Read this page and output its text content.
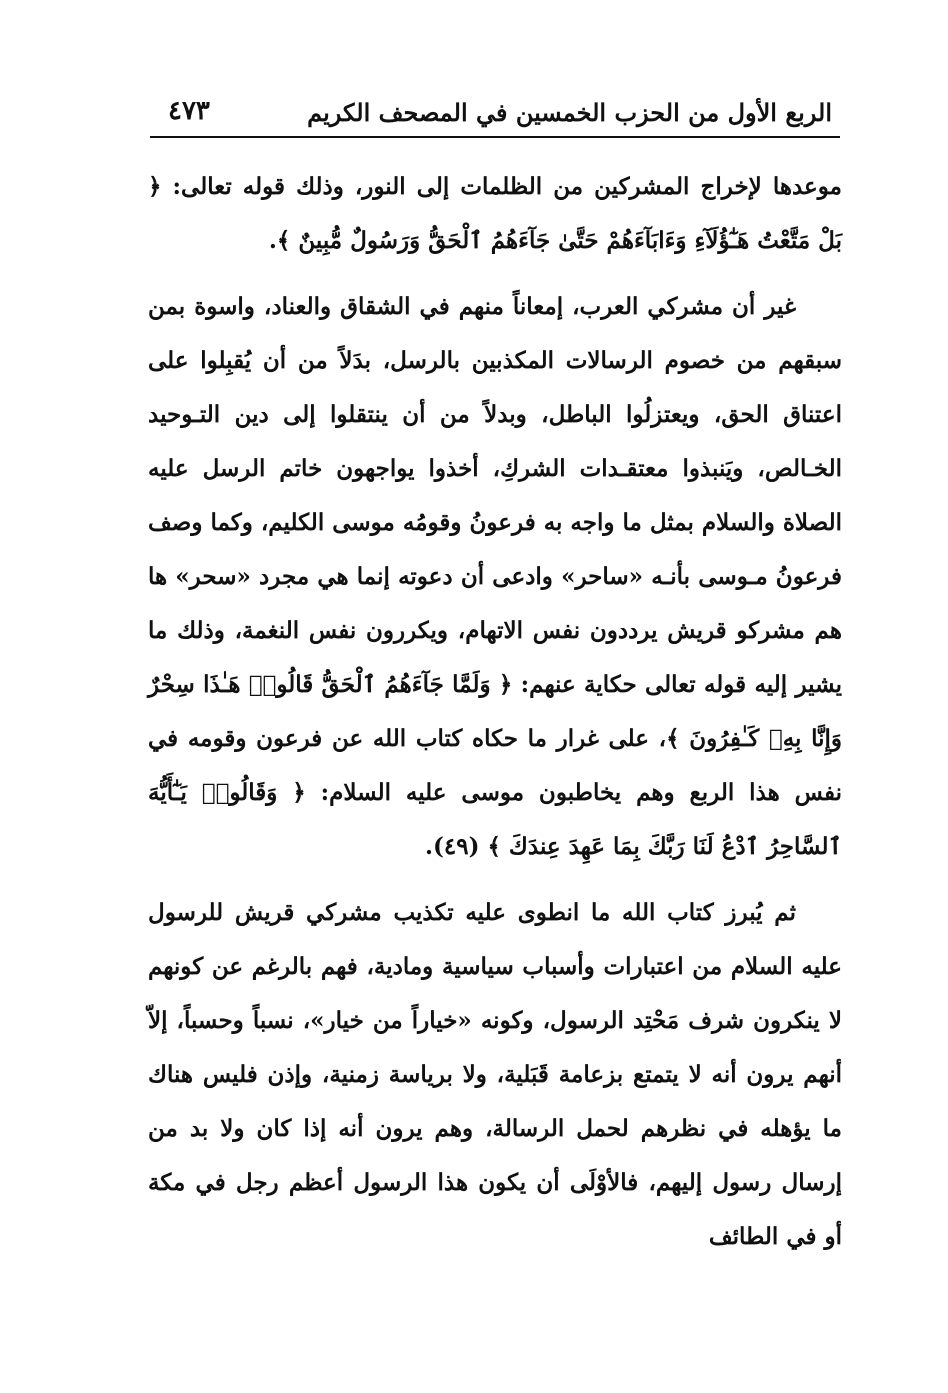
الربع الأول من الحزب الخمسين في المصحف الكريم
٤٧٣

موعدها لإخراج المشركين من الظلمات إلى النور، وذلك قوله تعالى: ﴿ بَلْ مَتَّعْتُ هَـٰٓؤُلَآءِ وَءَابَآءَهُمْ حَتَّىٰ جَآءَهُمُ ٱلْحَقُّ وَرَسُولٌ مُّبِينٌ ﴾.

غير أن مشركي العرب، إمعاناً منهم في الشقاق والعناد، واسوة بمن سبقهم من خصوم الرسالات المكذبين بالرسل، بدَلاً من أن يُقبِلوا على اعتناق الحق، ويعتزلُوا الباطل، وبدلاً من أن ينتقلوا إلى دين التـوحيد الخـالص، ويَنبذوا معتقـدات الشركِ، أخذوا يواجهون خاتم الرسل عليه الصلاة والسلام بمثل ما واجه به فرعونُ وقومُه موسى الكليم، وكما وصف فرعونُ مـوسى بأنـه «ساحر» وادعى أن دعوته إنما هي مجرد «سحر» ها هم مشركو قريش يرددون نفس الاتهام، ويكررون نفس النغمة، وذلك ما يشير إليه قوله تعالى حكاية عنهم: ﴿ وَلَمَّا جَآءَهُمُ ٱلْحَقُّ قَالُوا۟ هَـٰذَا سِحْرٌ وَإِنَّا بِهِۦ كَـٰفِرُونَ ﴾، على غرار ما حكاه كتاب الله عن فرعون وقومه في نفس هذا الربع وهم يخاطبون موسى عليه السلام: ﴿ وَقَالُوا۟ يَـٰٓأَيُّهَ ٱلسَّاحِرُ ٱدْعُ لَنَا رَبَّكَ بِمَا عَهِدَ عِندَكَ ﴾ (٤٩).

ثم يُبرز كتاب الله ما انطوى عليه تكذيب مشركي قريش للرسول عليه السلام من اعتبارات وأسباب سياسية ومادية، فهم بالرغم عن كونهم لا ينكرون شرف مَحْتِد الرسول، وكونه «خياراً من خيار»، نسباً وحسباً، إلاّ أنهم يرون أنه لا يتمتع بزعامة قَبَلية، ولا برياسة زمنية، وإذن فليس هناك ما يؤهله في نظرهم لحمل الرسالة، وهم يرون أنه إذا كان ولا بد من إرسال رسول إليهم، فالأوْلَى أن يكون هذا الرسول أعظم رجل في مكة أو في الطائف
